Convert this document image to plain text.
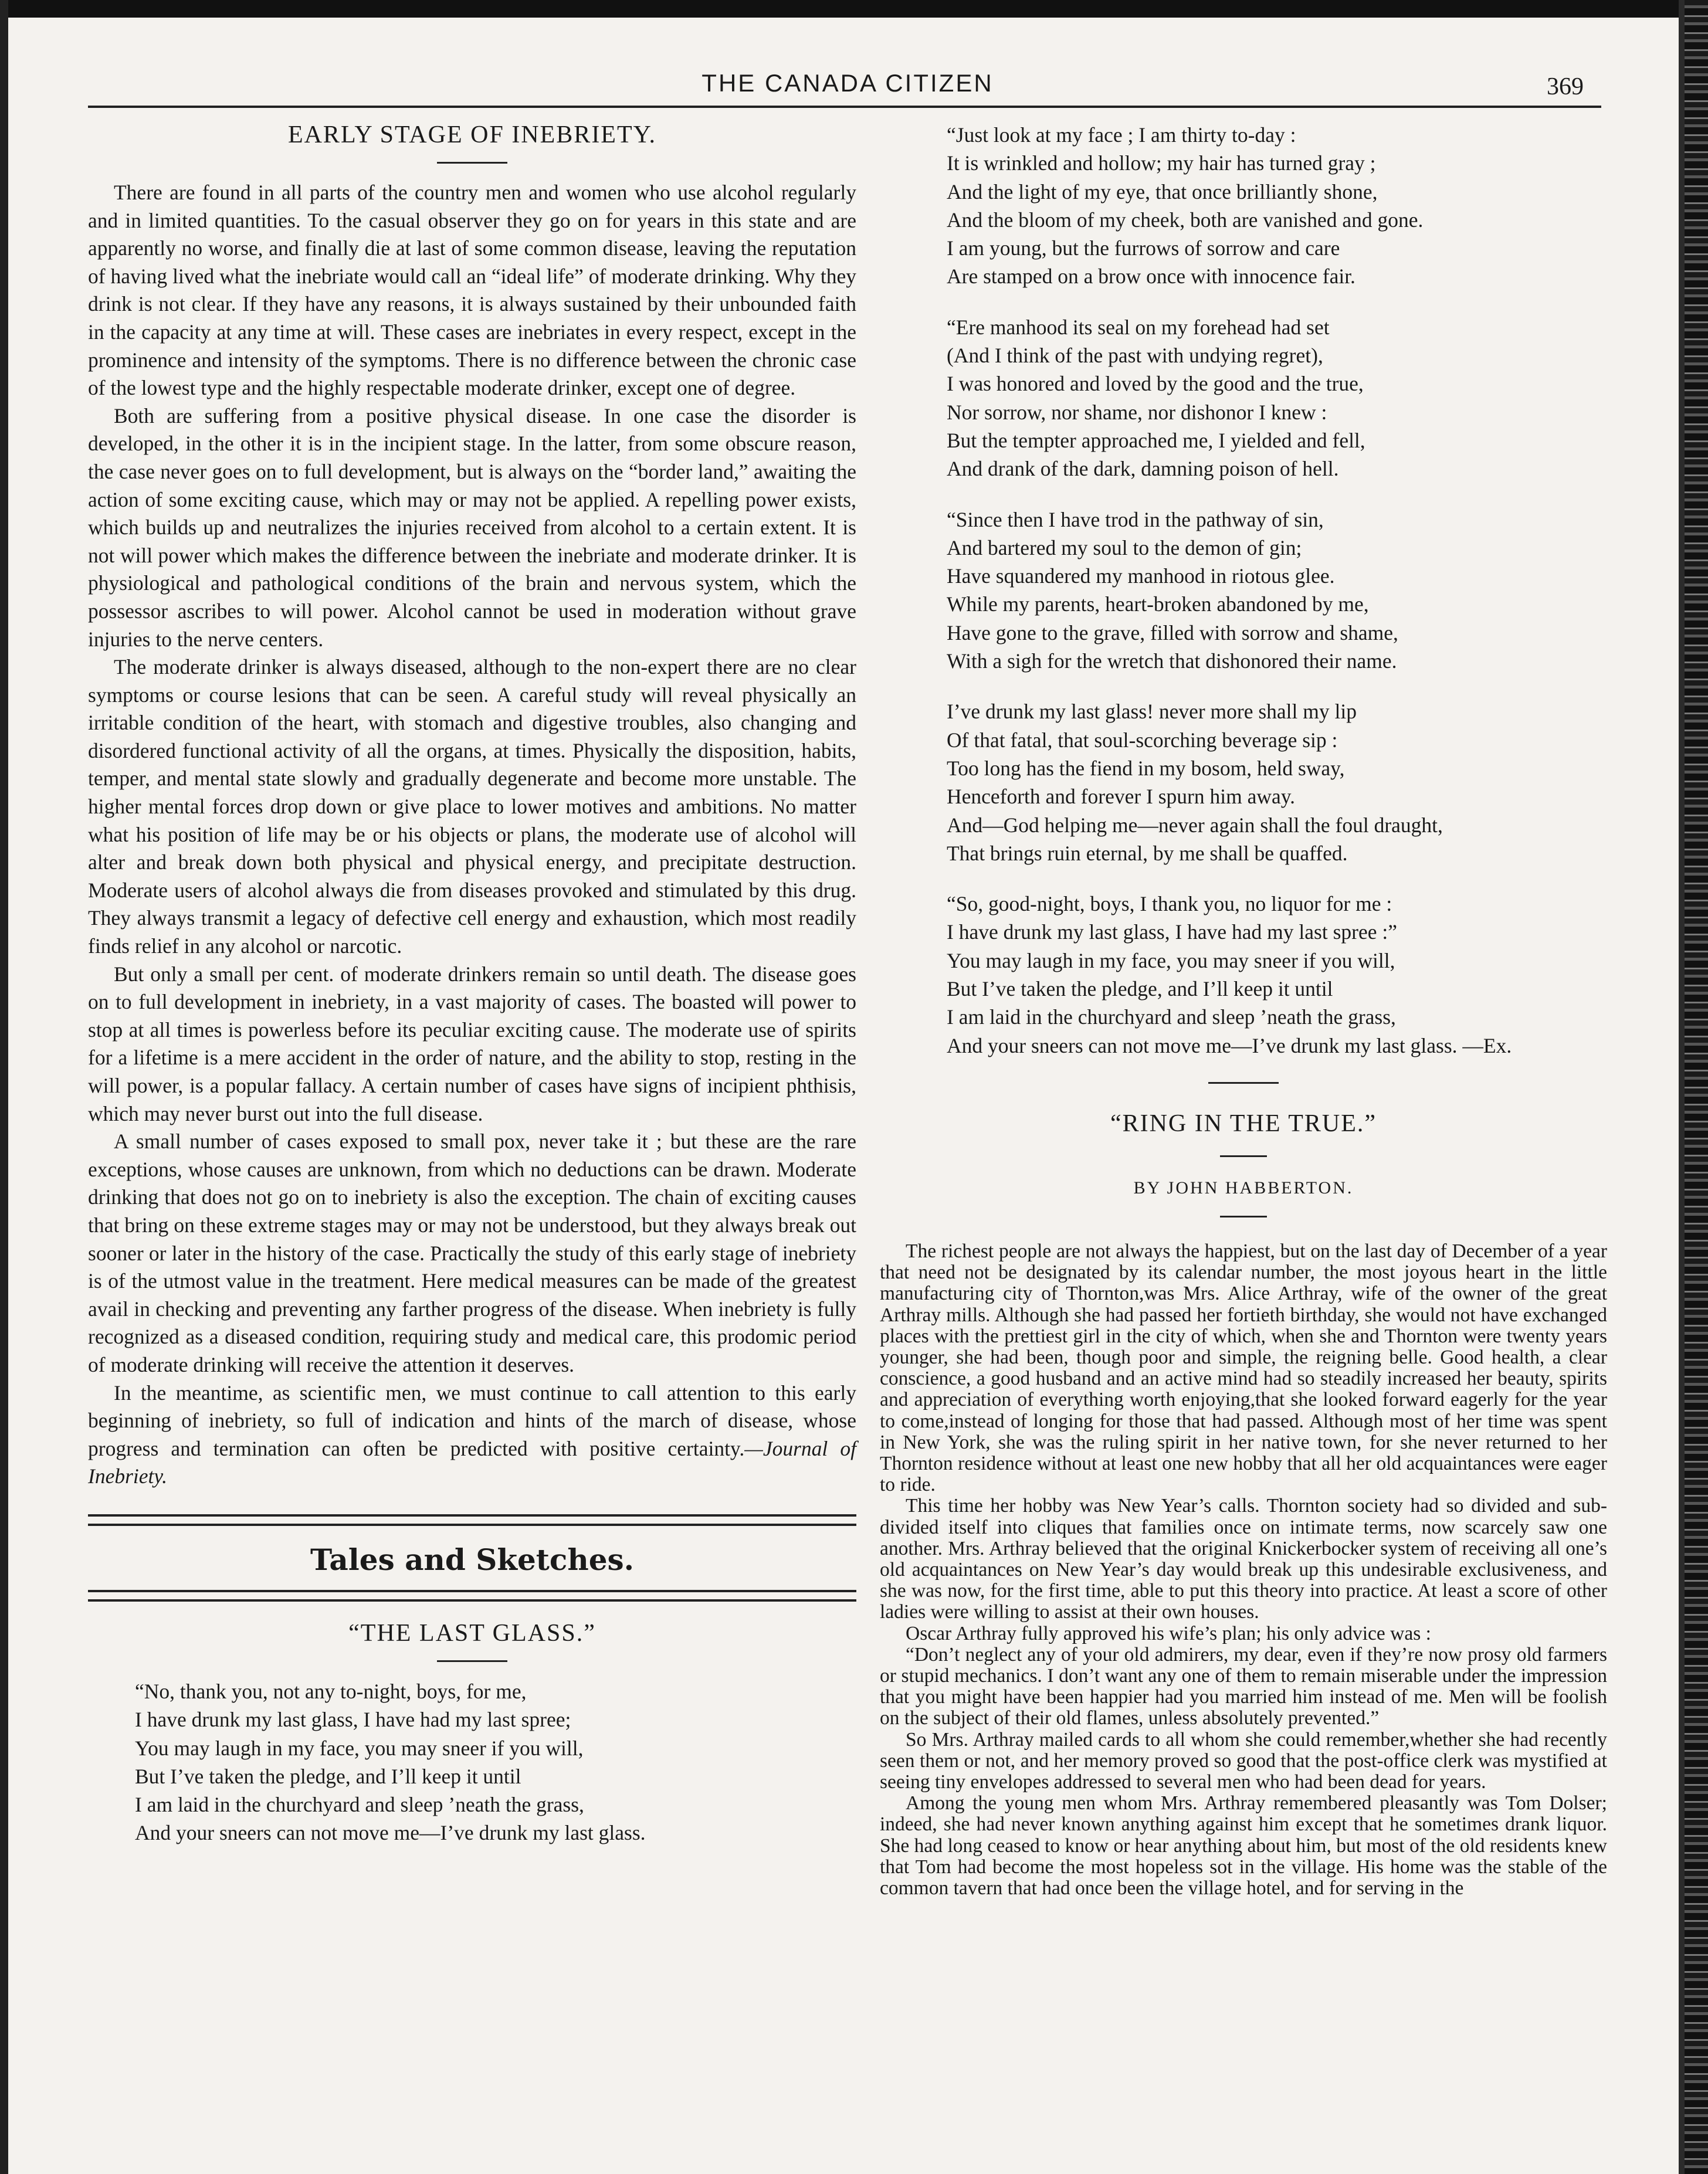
THE CANADA CITIZEN	369
EARLY STAGE OF INEBRIETY.

There are found in all parts of the country men and women who use alcohol regularly and in limited quantities. To the casual observer they go on for years in this state and are apparently no worse, and finally die at last of some common disease, leaving the reputation of having lived what the inebriate would call an “ideal life” of moderate drinking. Why they drink is not clear. If they have any reasons, it is always sustained by their unbounded faith in the capacity at any time at will. These cases are inebriates in every respect, except in the prominence and intensity of the symptoms. There is no difference between the chronic case of the lowest type and the highly respectable moderate drinker, except one of degree.

Both are suffering from a positive physical disease. In one case the disorder is developed, in the other it is in the incipient stage. In the latter, from some obscure reason, the case never goes on to full development, but is always on the “border land,” awaiting the action of some exciting cause, which may or may not be applied. A repelling power exists, which builds up and neutralizes the injuries received from alcohol to a certain extent. It is not will power which makes the difference between the inebriate and moderate drinker. It is physiological and pathological conditions of the brain and nervous system, which the possessor ascribes to will power. Alcohol cannot be used in moderation without grave injuries to the nerve centers.

The moderate drinker is always diseased, although to the non-expert there are no clear symptoms or course lesions that can be seen. A careful study will reveal physically an irritable condition of the heart, with stomach and digestive troubles, also changing and disordered functional activity of all the organs, at times. Physically the disposition, habits, temper, and mental state slowly and gradually degenerate and become more unstable. The higher mental forces drop down or give place to lower motives and ambitions. No matter what his position of life may be or his objects or plans, the moderate use of alcohol will alter and break down both physical and physical energy, and precipitate destruction. Moderate users of alcohol always die from diseases provoked and stimulated by this drug. They always transmit a legacy of defective cell energy and exhaustion, which most readily finds relief in any alcohol or narcotic.

But only a small per cent. of moderate drinkers remain so until death. The disease goes on to full development in inebriety, in a vast majority of cases. The boasted will power to stop at all times is powerless before its peculiar exciting cause. The moderate use of spirits for a lifetime is a mere accident in the order of nature, and the ability to stop, resting in the will power, is a popular fallacy. A certain number of cases have signs of incipient phthisis, which may never burst out into the full disease.

A small number of cases exposed to small pox, never take it ; but these are the rare exceptions, whose causes are unknown, from which no deductions can be drawn. Moderate drinking that does not go on to inebriety is also the exception. The chain of exciting causes that bring on these extreme stages may or may not be understood, but they always break out sooner or later in the history of the case. Practically the study of this early stage of inebriety is of the utmost value in the treatment. Here medical measures can be made of the greatest avail in checking and preventing any farther progress of the disease. When inebriety is fully recognized as a diseased condition, requiring study and medical care, this prodomic period of moderate drinking will receive the attention it deserves.

In the meantime, as scientific men, we must continue to call attention to this early beginning of inebriety, so full of indication and hints of the march of disease, whose progress and termination can often be predicted with positive certainty.—Journal of Inebriety.

Tales and Sketches.
“THE LAST GLASS.”
“No, thank you, not any to-night, boys, for me,
I have drunk my last glass, I have had my last spree;
You may laugh in my face, you may sneer if you will,
But I’ve taken the pledge, and I’ll keep it until
I am laid in the churchyard and sleep ’neath the grass,
And your sneers can not move me—I’ve drunk my last glass.
“Just look at my face ; I am thirty to-day :
It is wrinkled and hollow; my hair has turned gray ;
And the light of my eye, that once brilliantly shone,
And the bloom of my cheek, both are vanished and gone.
I am young, but the furrows of sorrow and care
Are stamped on a brow once with innocence fair.
“Ere manhood its seal on my forehead had set
(And I think of the past with undying regret),
I was honored and loved by the good and the true,
Nor sorrow, nor shame, nor dishonor I knew :
But the tempter approached me, I yielded and fell,
And drank of the dark, damning poison of hell.
“Since then I have trod in the pathway of sin,
And bartered my soul to the demon of gin;
Have squandered my manhood in riotous glee.
While my parents, heart-broken abandoned by me,
Have gone to the grave, filled with sorrow and shame,
With a sigh for the wretch that dishonored their name.
I’ve drunk my last glass! never more shall my lip
Of that fatal, that soul-scorching beverage sip :
Too long has the fiend in my bosom, held sway,
Henceforth and forever I spurn him away.
And—God helping me—never again shall the foul draught,
That brings ruin eternal, by me shall be quaffed.
“So, good-night, boys, I thank you, no liquor for me :
I have drunk my last glass, I have had my last spree :”
You may laugh in my face, you may sneer if you will,
But I’ve taken the pledge, and I’ll keep it until
I am laid in the churchyard and sleep ’neath the grass,
And your sneers can not move me—I’ve drunk my last glass. —Ex.
“RING IN THE TRUE.”

BY JOHN HABBERTON.

The richest people are not always the happiest, but on the last day of December of a year that need not be designated by its calendar number, the most joyous heart in the little manufacturing city of Thornton,was Mrs. Alice Arthray, wife of the owner of the great Arthray mills. Although she had passed her fortieth birthday, she would not have exchanged places with the prettiest girl in the city of which, when she and Thornton were twenty years younger, she had been, though poor and simple, the reigning belle. Good health, a clear conscience, a good husband and an active mind had so steadily increased her beauty, spirits and appreciation of everything worth enjoying,that she looked forward eagerly for the year to come,instead of longing for those that had passed. Although most of her time was spent in New York, she was the ruling spirit in her native town, for she never returned to her Thornton residence without at least one new hobby that all her old acquaintances were eager to ride.

This time her hobby was New Year’s calls. Thornton society had so divided and sub-divided itself into cliques that families once on intimate terms, now scarcely saw one another. Mrs. Arthray believed that the original Knickerbocker system of receiving all one’s old acquaintances on New Year’s day would break up this undesirable exclusiveness, and she was now, for the first time, able to put this theory into practice. At least a score of other ladies were willing to assist at their own houses.

Oscar Arthray fully approved his wife’s plan; his only advice was :

“Don’t neglect any of your old admirers, my dear, even if they’re now prosy old farmers or stupid mechanics. I don’t want any one of them to remain miserable under the impression that you might have been happier had you married him instead of me. Men will be foolish on the subject of their old flames, unless absolutely prevented.”

So Mrs. Arthray mailed cards to all whom she could remember,whether she had recently seen them or not, and her memory proved so good that the post-office clerk was mystified at seeing tiny envelopes addressed to several men who had been dead for years.

Among the young men whom Mrs. Arthray remembered pleasantly was Tom Dolser; indeed, she had never known anything against him except that he sometimes drank liquor. She had long ceased to know or hear anything about him, but most of the old residents knew that Tom had become the most hopeless sot in the village. His home was the stable of the common tavern that had once been the village hotel, and for serving in the
